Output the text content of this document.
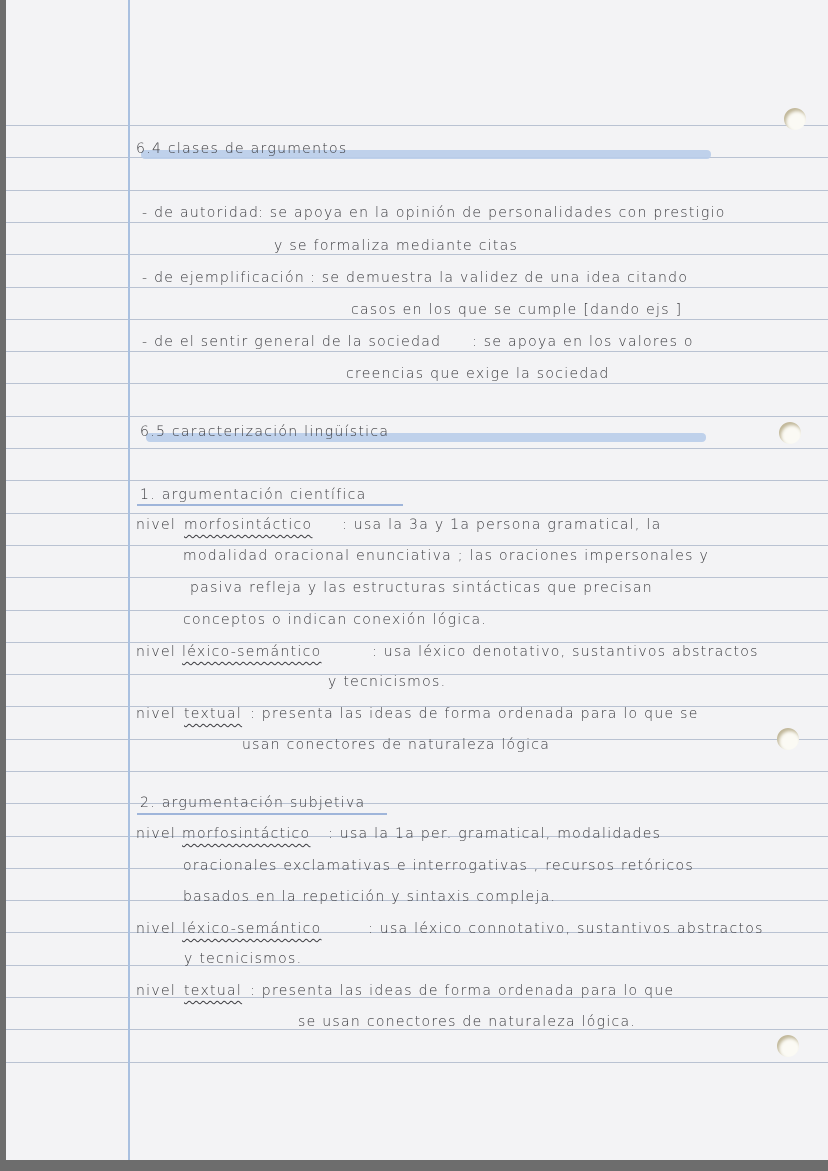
6.4 clases de argumentos
- de autoridad
: se apoya en la opinión de personalidades con prestigio
y se formaliza mediante citas
- de ejemplificación : se demuestra la validez de una idea citando
casos en los que se cumple [dando ejs ]
- de el sentir general de la sociedad : se apoya en los valores o
creencias que exige la sociedad
6.5 caracterización lingüística
1. argumentación científica
nivel morfosintáctico : usa la 3a y 1a persona gramatical, la
modalidad oracional enunciativa ; las oraciones impersonales y
pasiva refleja y las estructuras sintácticas que precisan
conceptos o indican conexión lógica.
nivel léxico-semántico	: usa léxico denotativo, sustantivos abstractos
y tecnicismos.
nivel textual : presenta las ideas de forma ordenada para lo que se
usan conectores de naturaleza lógica
2. argumentación subjetiva
nivel morfosintáctico : usa la 1a per. gramatical, modalidades
oracionales exclamativas e interrogativas , recursos retóricos
basados en la repetición y sintaxis compleja.
nivel léxico-semántico	: usa léxico connotativo, sustantivos abstractos
y tecnicismos.
nivel textual : presenta las ideas de forma ordenada para lo que
se usan conectores de naturaleza lógica.
